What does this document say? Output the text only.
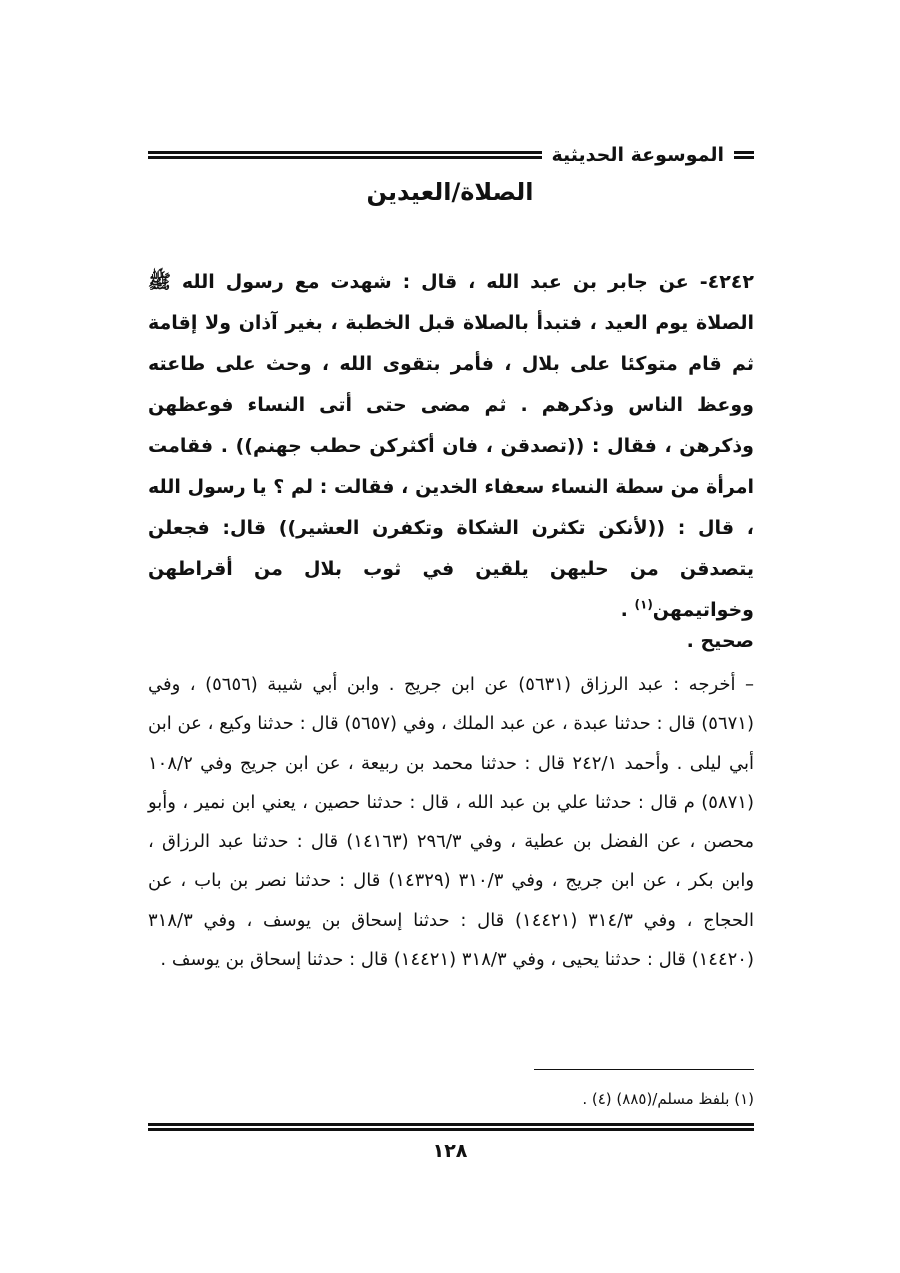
الموسوعة الحديثية
الصلاة/العيدين

٤٢٤٢- عن جابر بن عبد الله ، قال : شهدت مع رسول الله ﷺ الصلاة يوم العيد ، فتبدأ بالصلاة قبل الخطبة ، بغير آذان ولا إقامة ثم قام متوكئا على بلال ، فأمر بتقوى الله ، وحث على طاعته ووعظ الناس وذكرهم . ثم مضى حتى أتى النساء فوعظهن وذكرهن ، فقال : ((تصدقن ، فان أكثركن حطب جهنم)) . فقامت امرأة من سطة النساء سعفاء الخدين ، فقالت : لم ؟ يا رسول الله ، قال : ((لأنكن تكثرن الشكاة وتكفرن العشير)) قال: فجعلن يتصدقن من حليهن يلقين في ثوب بلال من أقراطهن وخواتيمهن$^{(١)}$ .

صحيح .

– أخرجه : عبد الرزاق (٥٦٣١) عن ابن جريج . وابن أبي شيبة (٥٦٥٦) ، وفي (٥٦٧١) قال : حدثنا عبدة ، عن عبد الملك ، وفي (٥٦٥٧) قال : حدثنا وكيع ، عن ابن أبي ليلى . وأحمد ٢٤٢/١ قال : حدثنا محمد بن ربيعة ، عن ابن جريج وفي ١٠٨/٢ (٥٨٧١) م قال : حدثنا علي بن عبد الله ، قال : حدثنا حصين ، يعني ابن نمير ، وأبو محصن ، عن الفضل بن عطية ، وفي ٢٩٦/٣ (١٤١٦٣) قال : حدثنا عبد الرزاق ، وابن بكر ، عن ابن جريج ، وفي ٣١٠/٣ (١٤٣٢٩) قال : حدثنا نصر بن باب ، عن الحجاج ، وفي ٣١٤/٣ (١٤٤٢١) قال : حدثنا إسحاق بن يوسف ، وفي ٣١٨/٣ (١٤٤٢٠) قال : حدثنا يحيى ، وفي ٣١٨/٣ (١٤٤٢١) قال : حدثنا إسحاق بن يوسف .

(١) بلفظ مسلم/(٨٨٥) (٤) .
١٢٨
